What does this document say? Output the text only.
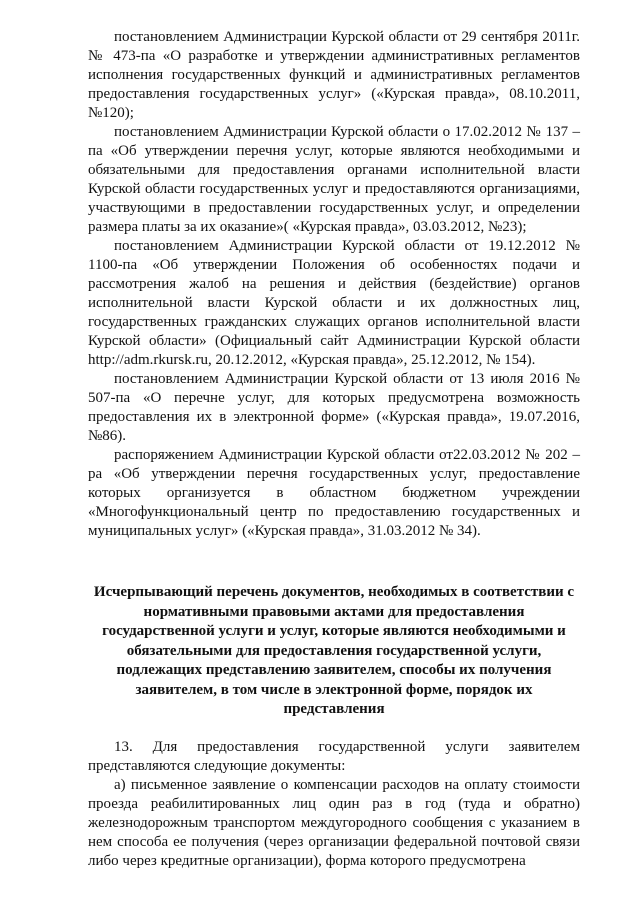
постановлением Администрации Курской области от 29 сентября 2011г. № 473-па «О разработке и утверждении административных регламентов исполнения государственных функций и административных регламентов предоставления государственных услуг» («Курская правда», 08.10.2011, №120);

постановлением Администрации Курской области о 17.02.2012 № 137 – па «Об утверждении перечня услуг, которые являются необходимыми и обязательными для предоставления органами исполнительной власти Курской области государственных услуг и предоставляются организациями, участвующими в предоставлении государственных услуг, и определении размера платы за их оказание»( «Курская правда», 03.03.2012, №23);

постановлением Администрации Курской области от 19.12.2012 № 1100-па «Об утверждении Положения об особенностях подачи и рассмотрения жалоб на решения и действия (бездействие) органов исполнительной власти Курской области и их должностных лиц, государственных гражданских служащих органов исполнительной власти Курской области» (Официальный сайт Администрации Курской области http://adm.rkursk.ru, 20.12.2012, «Курская правда», 25.12.2012, № 154).

постановлением Администрации Курской области от 13 июля 2016 № 507-па «О перечне услуг, для которых предусмотрена возможность предоставления их в электронной форме» («Курская правда», 19.07.2016, №86).

распоряжением Администрации Курской области от22.03.2012 № 202 – ра «Об утверждении перечня государственных услуг, предоставление которых организуется в областном бюджетном учреждении «Многофункциональный центр по предоставлению государственных и муниципальных услуг» («Курская правда», 31.03.2012 № 34).

Исчерпывающий перечень документов, необходимых в соответствии с нормативными правовыми актами для предоставления государственной услуги и услуг, которые являются необходимыми и обязательными для предоставления государственной услуги, подлежащих представлению заявителем, способы их получения заявителем, в том числе в электронной форме, порядок их представления

13. Для предоставления государственной услуги заявителем представляются следующие документы:

а) письменное заявление о компенсации расходов на оплату стоимости проезда реабилитированных лиц один раз в год (туда и обратно) железнодорожным транспортом междугородного сообщения с указанием в нем способа ее получения (через организации федеральной почтовой связи либо через кредитные организации), форма которого предусмотрена
